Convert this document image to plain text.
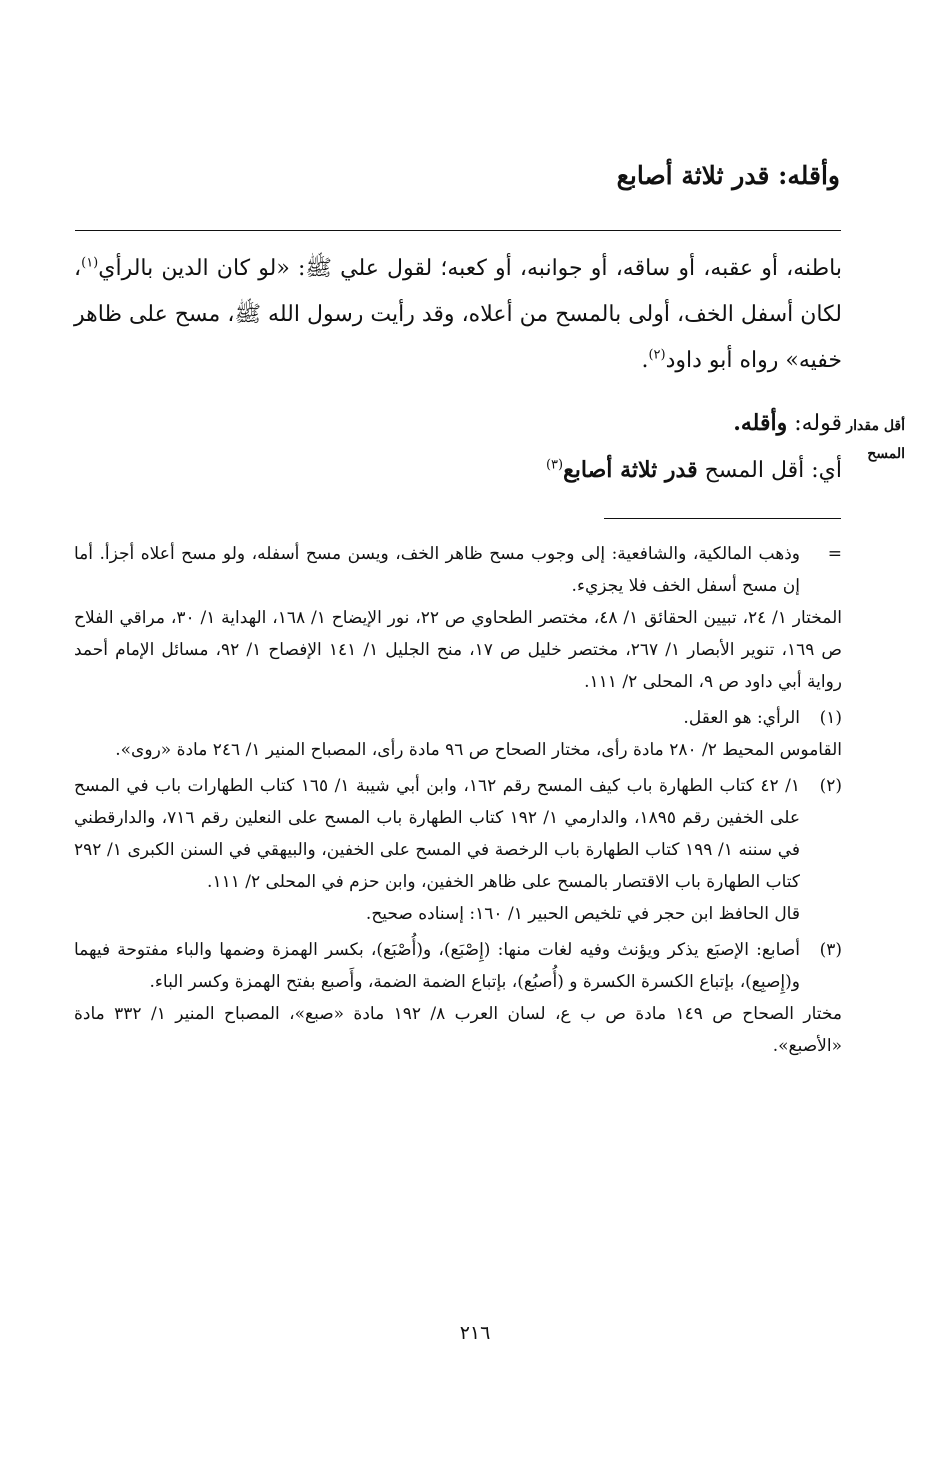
وأقله: قدر ثلاثة أصابع

باطنه، أو عقبه، أو ساقه، أو جوانبه، أو كعبه؛ لقول علي ﷺ: «لو كان الدين بالرأي$^{(١)}$، لكان أسفل الخف، أولى بالمسح من أعلاه، وقد رأيت رسول الله ﷺ، مسح على ظاهر خفيه» رواه أبو داود$^{(٢)}$.

أقل مقدار
المسح

قوله: وأقله.

أي: أقل المسح قدر ثلاثة أصابع$^{(٣)}$

=

وذهب المالكية، والشافعية: إلى وجوب مسح ظاهر الخف، ويسن مسح أسفله، ولو مسح أعلاه أجزأ. أما إن مسح أسفل الخف فلا يجزيء.

المختار ١/ ٢٤، تبيين الحقائق ١/ ٤٨، مختصر الطحاوي ص ٢٢، نور الإيضاح ١/ ١٦٨، الهداية ١/ ٣٠، مراقي الفلاح ص ١٦٩، تنوير الأبصار ١/ ٢٦٧، مختصر خليل ص ١٧، منح الجليل ١/ ١٤١ الإفصاح ١/ ٩٢، مسائل الإمام أحمد رواية أبي داود ص ٩، المحلى ٢/ ١١١.

(١)

الرأي: هو العقل.

القاموس المحيط ٢/ ٢٨٠ مادة رأى، مختار الصحاح ص ٩٦ مادة رأى، المصباح المنير ١/ ٢٤٦ مادة «روى».

(٢)

١/ ٤٢ كتاب الطهارة باب كيف المسح رقم ١٦٢، وابن أبي شيبة ١/ ١٦٥ كتاب الطهارات باب في المسح على الخفين رقم ١٨٩٥، والدارمي ١/ ١٩٢ كتاب الطهارة باب المسح على النعلين رقم ٧١٦، والدارقطني في سننه ١/ ١٩٩ كتاب الطهارة باب الرخصة في المسح على الخفين، والبيهقي في السنن الكبرى ١/ ٢٩٢ كتاب الطهارة باب الاقتصار بالمسح على ظاهر الخفين، وابن حزم في المحلى ٢/ ١١١.

قال الحافظ ابن حجر في تلخيص الحبير ١/ ١٦٠: إسناده صحيح.

(٣)

أصابع: الإصبَع يذكر ويؤنث وفيه لغات منها: (إِصْبَع)، و(أُصْبَع)، بكسر الهمزة وضمها والباء مفتوحة فيهما و(إِصبِع)، بإتباع الكسرة الكسرة و (أُصبُع)، بإتباع الضمة الضمة، وأَصبع بفتح الهمزة وكسر الباء.

مختار الصحاح ص ١٤٩ مادة ص ب ع، لسان العرب ٨/ ١٩٢ مادة «صبع»، المصباح المنير ١/ ٣٣٢ مادة «الأصبع».

٢١٦
